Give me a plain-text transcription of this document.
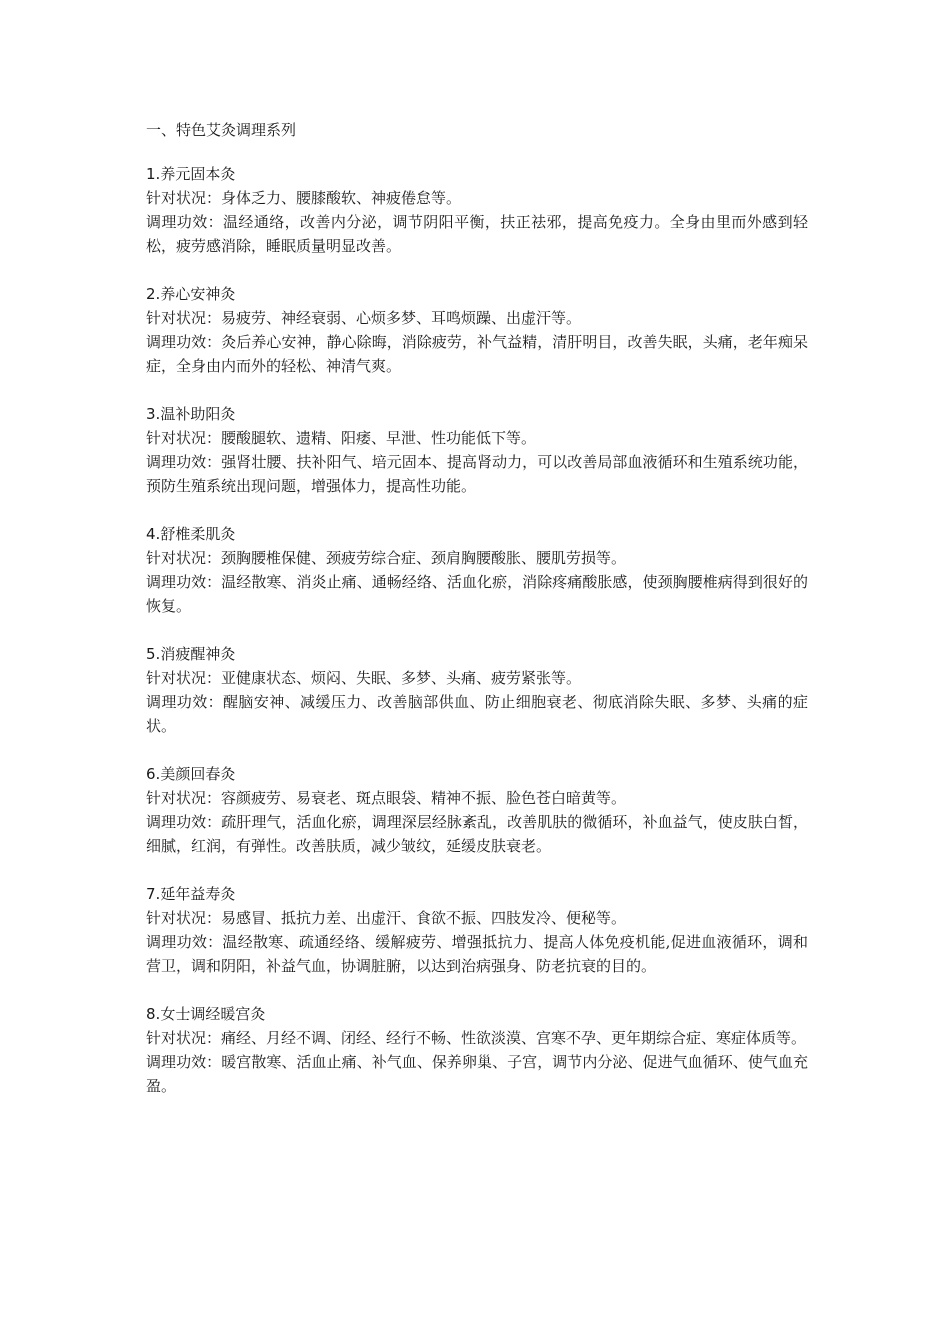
一、特色艾灸调理系列
1.养元固本灸

针对状况：身体乏力、腰膝酸软、神疲倦怠等。

调理功效：温经通络，改善内分泌，调节阴阳平衡，扶正祛邪，提高免疫力。全身由里而外感到轻松，疲劳感消除，睡眠质量明显改善。

2.养心安神灸

针对状况：易疲劳、神经衰弱、心烦多梦、耳鸣烦躁、出虚汗等。

调理功效：灸后养心安神，静心除晦，消除疲劳，补气益精，清肝明目，改善失眠，头痛，老年痴呆症，全身由内而外的轻松、神清气爽。

3.温补助阳灸

针对状况：腰酸腿软、遗精、阳痿、早泄、性功能低下等。

调理功效：强肾壮腰、扶补阳气、培元固本、提高肾动力，可以改善局部血液循环和生殖系统功能，预防生殖系统出现问题，增强体力，提高性功能。

4.舒椎柔肌灸

针对状况：颈胸腰椎保健、颈疲劳综合症、颈肩胸腰酸胀、腰肌劳损等。

调理功效：温经散寒、消炎止痛、通畅经络、活血化瘀，消除疼痛酸胀感，使颈胸腰椎病得到很好的恢复。

5.消疲醒神灸

针对状况：亚健康状态、烦闷、失眠、多梦、头痛、疲劳紧张等。

调理功效：醒脑安神、减缓压力、改善脑部供血、防止细胞衰老、彻底消除失眠、多梦、头痛的症状。

6.美颜回春灸

针对状况：容颜疲劳、易衰老、斑点眼袋、精神不振、脸色苍白暗黄等。

调理功效：疏肝理气，活血化瘀，调理深层经脉紊乱，改善肌肤的微循环，补血益气，使皮肤白皙，细腻，红润，有弹性。改善肤质，减少皱纹，延缓皮肤衰老。

7.延年益寿灸

针对状况：易感冒、抵抗力差、出虚汗、食欲不振、四肢发冷、便秘等。

调理功效：温经散寒、疏通经络、缓解疲劳、增强抵抗力、提高人体免疫机能,促进血液循环，调和营卫，调和阴阳，补益气血，协调脏腑，以达到治病强身、防老抗衰的目的。

8.女士调经暖宫灸

针对状况：痛经、月经不调、闭经、经行不畅、性欲淡漠、宫寒不孕、更年期综合症、寒症体质等。

调理功效：暖宫散寒、活血止痛、补气血、保养卵巢、子宫，调节内分泌、促进气血循环、使气血充盈。
